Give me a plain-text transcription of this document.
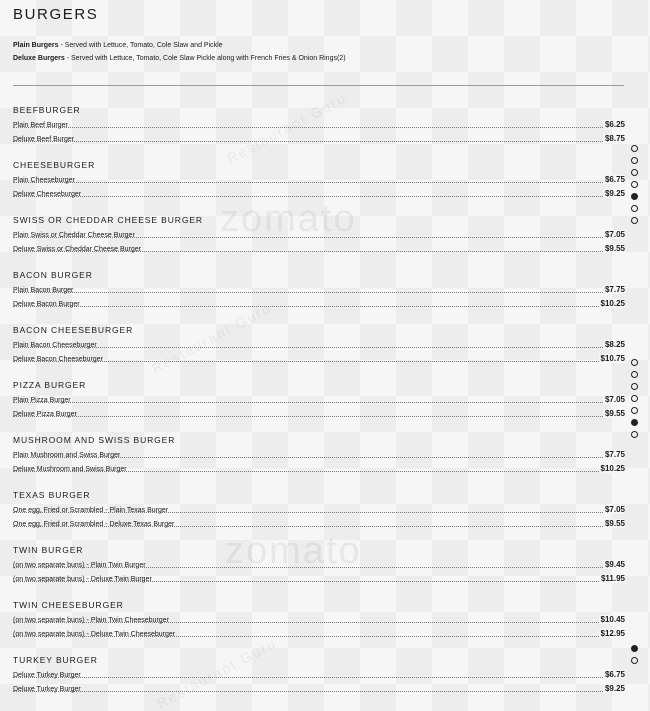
zomato
zomato
Restaurant Guru
Restaurant Guru
Restaurant Guru
BURGERS
Plain Burgers - Served with Lettuce, Tomato, Cole Slaw and Pickle
Deluxe Burgers - Served with Lettuce, Tomato, Cole Slaw Pickle along with French Fries & Onion Rings(2)
BEEFBURGER
Plain Beef Burger	$6.25
Deluxe Beef Burger	$8.75
CHEESEBURGER
Plain Cheeseburger	$6.75
Deluxe Cheeseburger	$9.25
SWISS OR CHEDDAR CHEESE BURGER
Plain Swiss or Cheddar Cheese Burger	$7.05
Deluxe Swiss or Cheddar Cheese Burger	$9.55
BACON BURGER
Plain Bacon Burger	$7.75
Deluxe Bacon Burger	$10.25
BACON CHEESEBURGER
Plain Bacon Cheeseburger	$8.25
Deluxe Bacon Cheeseburger	$10.75
PIZZA BURGER
Plain Pizza Burger	$7.05
Deluxe Pizza Burger	$9.55
MUSHROOM AND SWISS BURGER
Plain Mushroom and Swiss Burger	$7.75
Deluxe Mushroom and Swiss Burger	$10.25
TEXAS BURGER
One egg, Fried or Scrambled - Plain Texas Burger	$7.05
One egg, Fried or Scrambled - Deluxe Texas Burger	$9.55
TWIN BURGER
(on two separate buns) - Plain Twin Burger	$9.45
(on two separate buns) - Deluxe Twin Burger	$11.95
TWIN CHEESEBURGER
(on two separate buns) - Plain Twin Cheeseburger	$10.45
(on two separate buns) - Deluxe Twin Cheeseburger	$12.95
TURKEY BURGER
Deluxe Turkey Burger	$6.75
Deluxe Turkey Burger	$9.25
